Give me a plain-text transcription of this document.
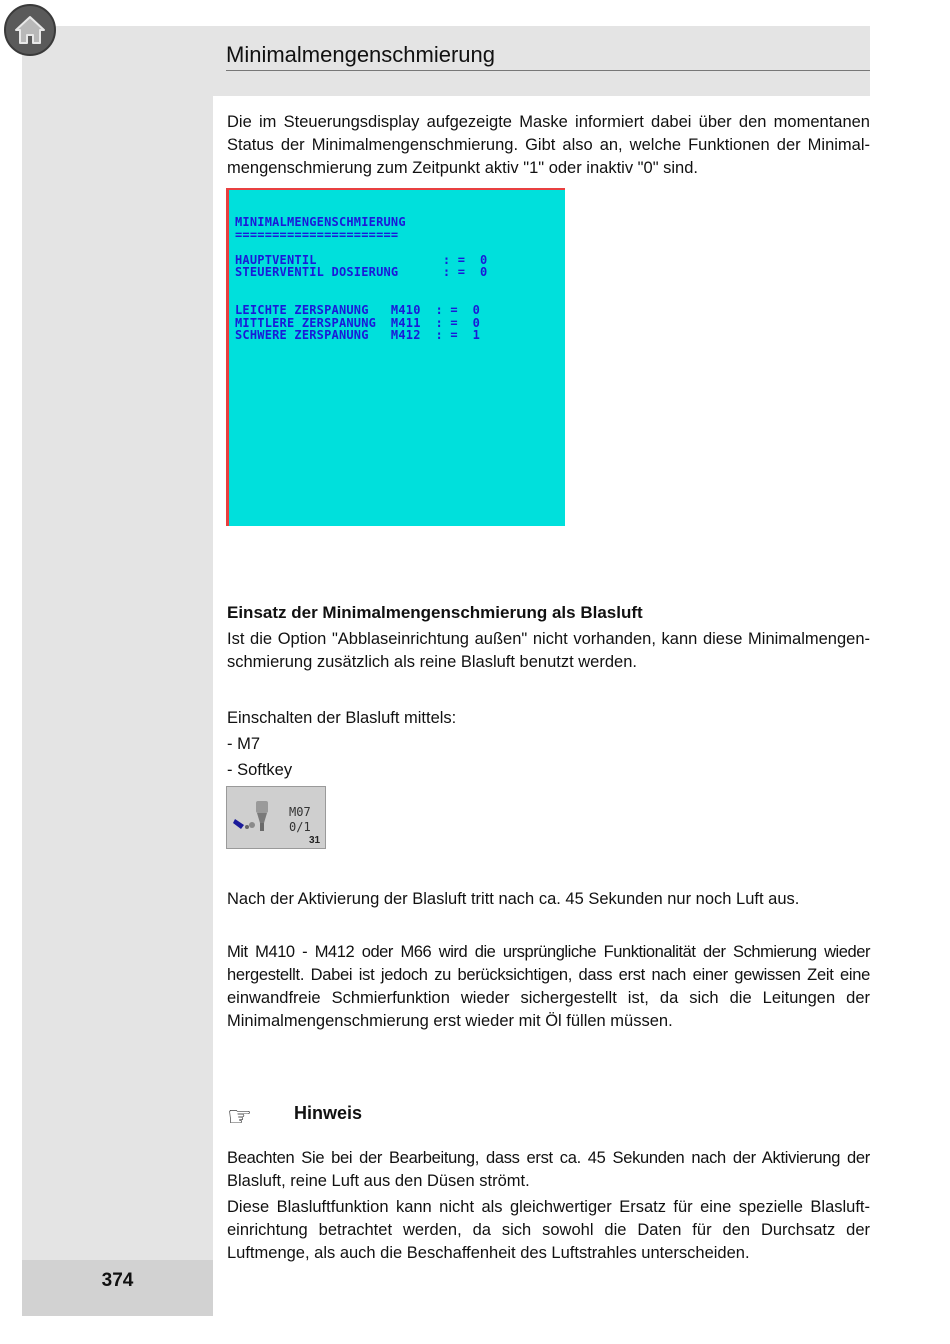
374
Minimalmengenschmierung

Die im Steuerungsdisplay aufgezeigte Maske informiert dabei über den momentanen
Status der Minimalmengenschmierung. Gibt also an, welche Funktionen der Minimal-
mengenschmierung zum Zeitpunkt aktiv "1" oder inaktiv "0" sind.

MINIMALMENGENSCHMIERUNG
======================

HAUPTVENTIL                 : =  0
STEUERVENTIL DOSIERUNG      : =  0

LEICHTE ZERSPANUNG   M410  : =  0
MITTLERE ZERSPANUNG  M411  : =  0
SCHWERE ZERSPANUNG   M412  : =  1
Einsatz der Minimalmengenschmierung als Blasluft

Ist die Option "Abblaseinrichtung außen" nicht vorhanden, kann diese Minimalmengen-
schmierung zusätzlich als reine Blasluft benutzt werden.

Einschalten der Blasluft mittels:
- M7
- Softkey

M07
0/1
31

Nach der Aktivierung der Blasluft tritt nach ca. 45 Sekunden nur noch Luft aus.

Mit M410 - M412 oder M66 wird die ursprüngliche Funktionalität der Schmierung wieder
hergestellt. Dabei ist jedoch zu berücksichtigen, dass erst nach einer gewissen Zeit eine
einwandfreie Schmierfunktion wieder sichergestellt ist, da sich die Leitungen der
Minimalmengenschmierung erst wieder mit Öl füllen müssen.

☞ Hinweis

Beachten Sie bei der Bearbeitung, dass erst ca. 45 Sekunden nach der Aktivierung der
Blasluft, reine Luft aus den Düsen strömt.

Diese Blasluftfunktion kann nicht als gleichwertiger Ersatz für eine spezielle Blasluft-
einrichtung betrachtet werden, da sich sowohl die Daten für den Durchsatz der
Luftmenge, als auch die Beschaffenheit des Luftstrahles unterscheiden.
